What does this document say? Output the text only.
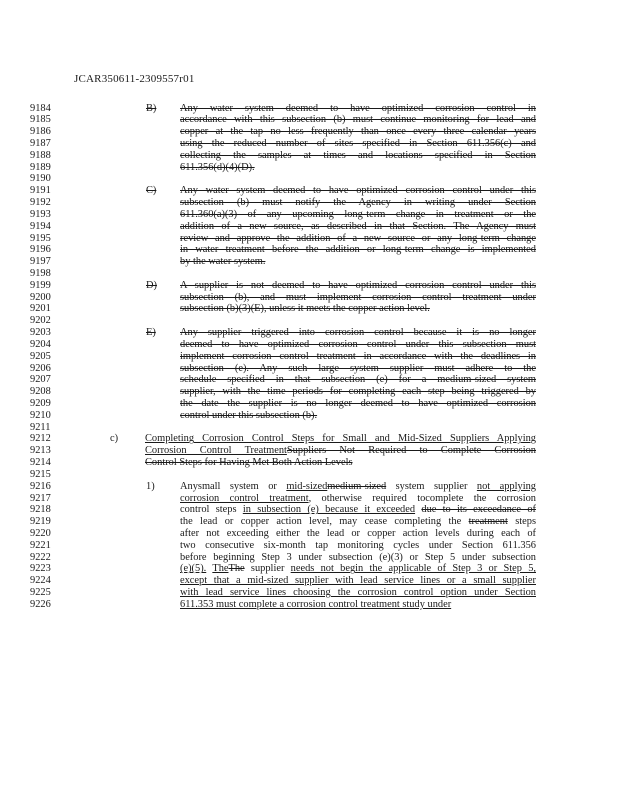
JCAR350611-2309557r01
9184	B) Any water system deemed to have optimized corrosion control in
9185	accordance with this subsection (b) must continue monitoring for lead and
9186	copper at the tap no less frequently than once every three calendar years
9187	using the reduced number of sites specified in Section 611.356(c) and
9188	collecting the samples at times and locations specified in Section
9189	611.356(d)(4)(D).
9190
9191	C) Any water system deemed to have optimized corrosion control under this
9192	subsection (b) must notify the Agency in writing under Section
9193	611.360(a)(3) of any upcoming long-term change in treatment or the
9194	addition of a new source, as described in that Section. The Agency must
9195	review and approve the addition of a new source or any long-term change
9196	in water treatment before the addition or long-term change is implemented
9197	by the water system.
9198
9199	D) A supplier is not deemed to have optimized corrosion control under this
9200	subsection (b), and must implement corrosion control treatment under
9201	subsection (b)(3)(E), unless it meets the copper action level.
9202
9203	E) Any supplier triggered into corrosion control because it is no longer
9204	deemed to have optimized corrosion control under this subsection must
9205	implement corrosion control treatment in accordance with the deadlines in
9206	subsection (e). Any such large system supplier must adhere to the
9207	schedule specified in that subsection (e) for a medium-sized system
9208	supplier, with the time periods for completing each step being triggered by
9209	the date the supplier is no longer deemed to have optimized corrosion
9210	control under this subsection (b).
9211
9212	c)	Completing Corrosion Control Steps for Small and Mid-Sized Suppliers Applying
9213	Corrosion Control TreatmentSuppliers Not Required to Complete Corrosion
9214	Control Steps for Having Met Both Action Levels
9215
9216	1) Anysmall system or mid-sizedmedium-sized system supplier not applying
9217	corrosion control treatment, otherwise required tocomplete the corrosion
9218	control steps in subsection (e) because it exceeded due to its exceedance of
9219	the lead or copper action level, may cease completing the treatment steps
9220	after not exceeding either the lead or copper action levels during each of
9221	two consecutive six-month tap monitoring cycles under Section 611.356
9222	before beginning Step 3 under subsection (e)(3) or Step 5 under subsection
9223	(e)(5). TheThe supplier needs not begin the applicable of Step 3 or Step 5,
9224	except that a mid-sized supplier with lead service lines or a small supplier
9225	with lead service lines choosing the corrosion control option under Section
9226	611.353 must complete a corrosion control treatment study under
